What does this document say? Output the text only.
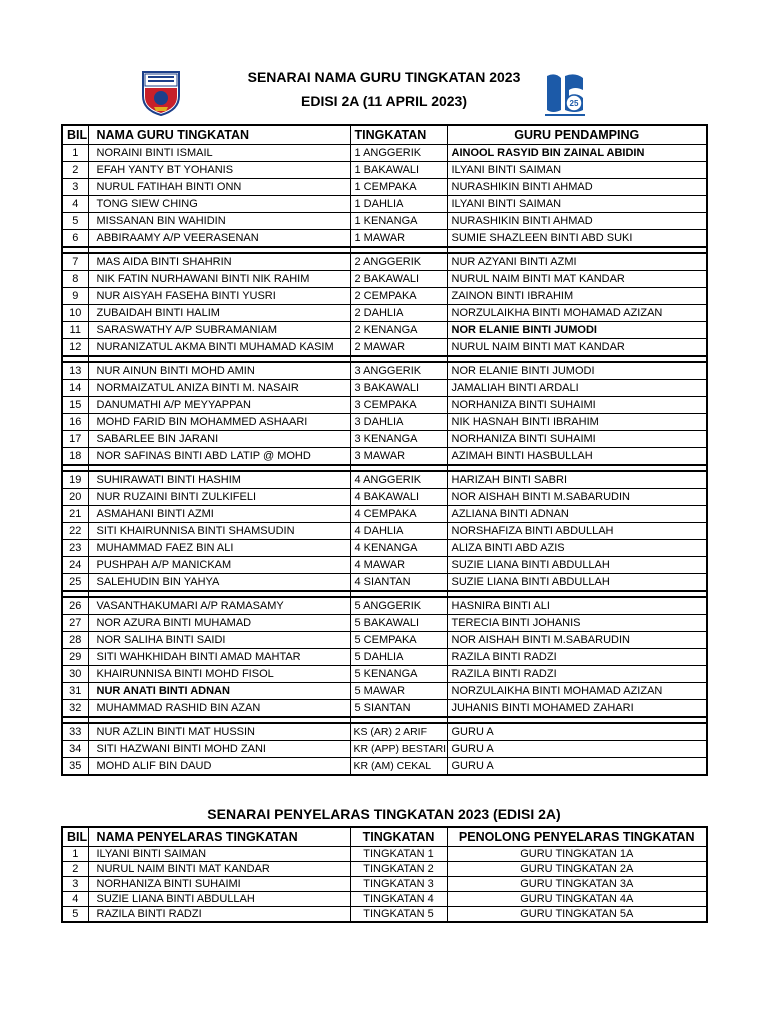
SENARAI NAMA GURU TINGKATAN 2023
EDISI 2A (11 APRIL 2023)	25
BIL	NAMA GURU TINGKATAN	TINGKATAN	GURU PENDAMPING
1	NORAINI BINTI ISMAIL	1 ANGGERIK	AINOOL RASYID BIN ZAINAL ABIDIN
2	EFAH YANTY BT YOHANIS	1 BAKAWALI	ILYANI BINTI SAIMAN
3	NURUL FATIHAH BINTI ONN	1 CEMPAKA	NURASHIKIN BINTI AHMAD
4	TONG SIEW CHING	1 DAHLIA	ILYANI BINTI SAIMAN
5	MISSANAN BIN WAHIDIN	1 KENANGA	NURASHIKIN BINTI AHMAD
6	ABBIRAAMY A/P VEERASENAN	1 MAWAR	SUMIE SHAZLEEN BINTI ABD SUKI

7	MAS AIDA BINTI SHAHRIN	2 ANGGERIK	NUR AZYANI BINTI AZMI
8	NIK FATIN NURHAWANI BINTI NIK RAHIM	2 BAKAWALI	NURUL NAIM BINTI MAT KANDAR
9	NUR AISYAH FASEHA BINTI YUSRI	2 CEMPAKA	ZAINON BINTI IBRAHIM
10	ZUBAIDAH BINTI HALIM	2 DAHLIA	NORZULAIKHA BINTI MOHAMAD AZIZAN
11	SARASWATHY A/P SUBRAMANIAM	2 KENANGA	NOR ELANIE BINTI JUMODI
12	NURANIZATUL AKMA BINTI MUHAMAD KASIM	2 MAWAR	NURUL NAIM BINTI MAT KANDAR

13	NUR AINUN BINTI MOHD AMIN	3 ANGGERIK	NOR ELANIE BINTI JUMODI
14	NORMAIZATUL ANIZA BINTI M. NASAIR	3 BAKAWALI	JAMALIAH BINTI ARDALI
15	DANUMATHI A/P MEYYAPPAN	3 CEMPAKA	NORHANIZA BINTI SUHAIMI
16	MOHD FARID BIN MOHAMMED ASHAARI	3 DAHLIA	NIK HASNAH BINTI IBRAHIM
17	SABARLEE BIN JARANI	3 KENANGA	NORHANIZA BINTI SUHAIMI
18	NOR SAFINAS BINTI ABD LATIP @ MOHD	3 MAWAR	AZIMAH BINTI HASBULLAH

19	SUHIRAWATI BINTI HASHIM	4 ANGGERIK	HARIZAH BINTI SABRI
20	NUR RUZAINI BINTI ZULKIFELI	4 BAKAWALI	NOR AISHAH BINTI M.SABARUDIN
21	ASMAHANI BINTI AZMI	4 CEMPAKA	AZLIANA BINTI ADNAN
22	SITI KHAIRUNNISA BINTI SHAMSUDIN	4 DAHLIA	NORSHAFIZA BINTI ABDULLAH
23	MUHAMMAD FAEZ BIN ALI	4 KENANGA	ALIZA BINTI ABD AZIS
24	PUSHPAH A/P MANICKAM	4 MAWAR	SUZIE LIANA BINTI ABDULLAH
25	SALEHUDIN BIN YAHYA	4 SIANTAN	SUZIE LIANA BINTI ABDULLAH

26	VASANTHAKUMARI A/P RAMASAMY	5 ANGGERIK	HASNIRA BINTI ALI
27	NOR AZURA BINTI MUHAMAD	5 BAKAWALI	TERECIA BINTI JOHANIS
28	NOR SALIHA BINTI SAIDI	5 CEMPAKA	NOR AISHAH BINTI M.SABARUDIN
29	SITI WAHKHIDAH BINTI AMAD MAHTAR	5 DAHLIA	RAZILA BINTI RADZI
30	KHAIRUNNISA BINTI MOHD FISOL	5 KENANGA	RAZILA BINTI RADZI
31	NUR ANATI BINTI ADNAN	5 MAWAR	NORZULAIKHA BINTI MOHAMAD AZIZAN
32	MUHAMMAD RASHID BIN AZAN	5 SIANTAN	JUHANIS BINTI MOHAMED ZAHARI

33	NUR AZLIN BINTI MAT HUSSIN	KS (AR) 2 ARIF	GURU A
34	SITI HAZWANI BINTI MOHD ZANI	KR (APP) BESTARI	GURU A
35	MOHD ALIF BIN DAUD	KR (AM) CEKAL	GURU A
SENARAI PENYELARAS TINGKATAN 2023 (EDISI 2A)
BIL	NAMA PENYELARAS TINGKATAN	TINGKATAN	PENOLONG PENYELARAS TINGKATAN
1	ILYANI BINTI SAIMAN	TINGKATAN 1	GURU TINGKATAN 1A
2	NURUL NAIM BINTI MAT KANDAR	TINGKATAN 2	GURU TINGKATAN 2A
3	NORHANIZA BINTI SUHAIMI	TINGKATAN 3	GURU TINGKATAN 3A
4	SUZIE LIANA BINTI ABDULLAH	TINGKATAN 4	GURU TINGKATAN 4A
5	RAZILA BINTI RADZI	TINGKATAN 5	GURU TINGKATAN 5A
